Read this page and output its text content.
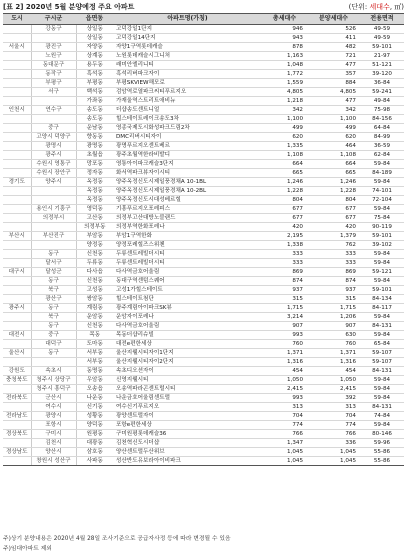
[표 2] 2020년 5월 분양예정 주요 아파트	(단위: 세대수, ㎡)
도시	구시군	읍면동	아파트명(가칭)	총세대수	분양세대수	전용면적
	강동구	상일동	고덕강일1단지	946	526	49-59
		상일동	고덕강일14단지	943	411	49-59
서울시	광진구	자양동	자양1구역롯데캐슬	878	482	59-101
	노원구	상계동	노원롯데캐슬시그니처	1,163	721	21-97
	동대문구	용두동	래미안엘리니티	1,048	477	51-121
	동작구	흑석동	흑석리버파크자이	1,772	357	39-120
	부평구	부평동	부평SKVIEW해모로	1,559	884	36-84
	서구	백석동	검암역로열파크씨티푸르지오	4,805	4,805	59-241
		가좌동	가재울역스트리트애비뉴	1,218	477	49-84
인천시	연수구	송도동	더샵송도센트니얼	342	342	75-98
		송도동	힐스테이트레이크송도3차	1,100	1,100	84-156
	중구	운남동	영종국제도시화성파크드림2차	499	499	64-84
	고양시 덕양구	향동동	DMC리버시티자이	620	620	84-99
	광명시	광명동	광명푸르지오센트베르	1,335	464	36-59
	광주시	초월읍	광주초월역한라비발디	1,108	1,108	62-84
	수원시 영통구	망포동	영통아이파크캐슬3단지	664	664	59-84
	수원시 장안구	정자동	화서역파크뷰자이시티	665	665	84-189
경기도	양주시	옥정동	양주옥정신도시제일풍경채A 10-1BL	1,246	1,246	59-84
		옥정동	양주옥정신도시제일풍경채A 10-2BL	1,228	1,228	74-101
		옥정동	양주옥정신도시대성베르힐	804	804	72-104
	용인시 기흥구	영덕동	기흥푸르지오포레피스	677	677	59-84
	의정부시	고산동	의정부고산대방노블랜드	677	677	75-84
		의정부동	의정부역한화포레나	420	420	90-119
부산시	부산진구	부암동	부암1구역한화	2,195	1,379	59-101
		양정동	양정포레힐즈스위첸	1,338	762	39-102
	동구	신천동	두류센트레빌더시티	333	333	59-84
	달서구	두류동	두류센트레빌더시티	333	333	59-84
대구시	달성군	다사읍	다사역금호어울림	869	869	59-121
	동구	신천동	동대구역센텀스퀘어	874	874	59-84
	북구	고성동	고성1가힐스테이트	937	937	59-101
	광산구	쌍암동	힐스테이트첨단	315	315	84-134
광주시	동구	계림동	광주계림아이파크SK뷰	1,715	1,715	84-117
	북구	운암동	운암자이포레나	3,214	1,206	59-84
	동구	신천동	다사역금호어울림	907	907	84-131
대전시	중구	목동	목동더샵리슈빌	993	630	59-84
	대덕구	도마동	대전e편한세상	760	760	65-84
울산시	동구	서부동	울산지웰시티자이1단지	1,371	1,371	59-107
		서부동	울산지웰시티자이2단지	1,316	1,316	59-107
강원도	속초시	동명동	속초디오션자이	454	454	84-131
충청북도	청주시 상당구	우암동	신영지웰시티	1,050	1,050	59-84
	청주시 흥덕구	오송읍	오송역파라곤센트럴시티	2,415	2,415	59-84
전라북도	군산시	나운동	나운금호어울림센트럴	993	392	59-84
	여수시	신기동	여수신기푸르지오	313	313	84-131
전라남도	광양시	성황동	광양센트럴자이	704	704	74-84
	포항시	양덕동	포항e편한세상	774	774	59-84
경상북도	구미시	원평동	구미원평롯데캐슬36	766	766	80-146
	김천시	대광동	김천혁신도시더샵	1,347	336	59-96
경상남도	양산시	삼호동	양산센트럴두산위브	1,045	1,045	55-86
	창원시 성산구	사파동	성산반도유보라아이비파크	1,045	1,045	55-86
주)상기 분양내용은 2020년 4월 28일 조사기준으로 공급자사정 등에 따라 변경될 수 있음
주)임대아파트 제외
